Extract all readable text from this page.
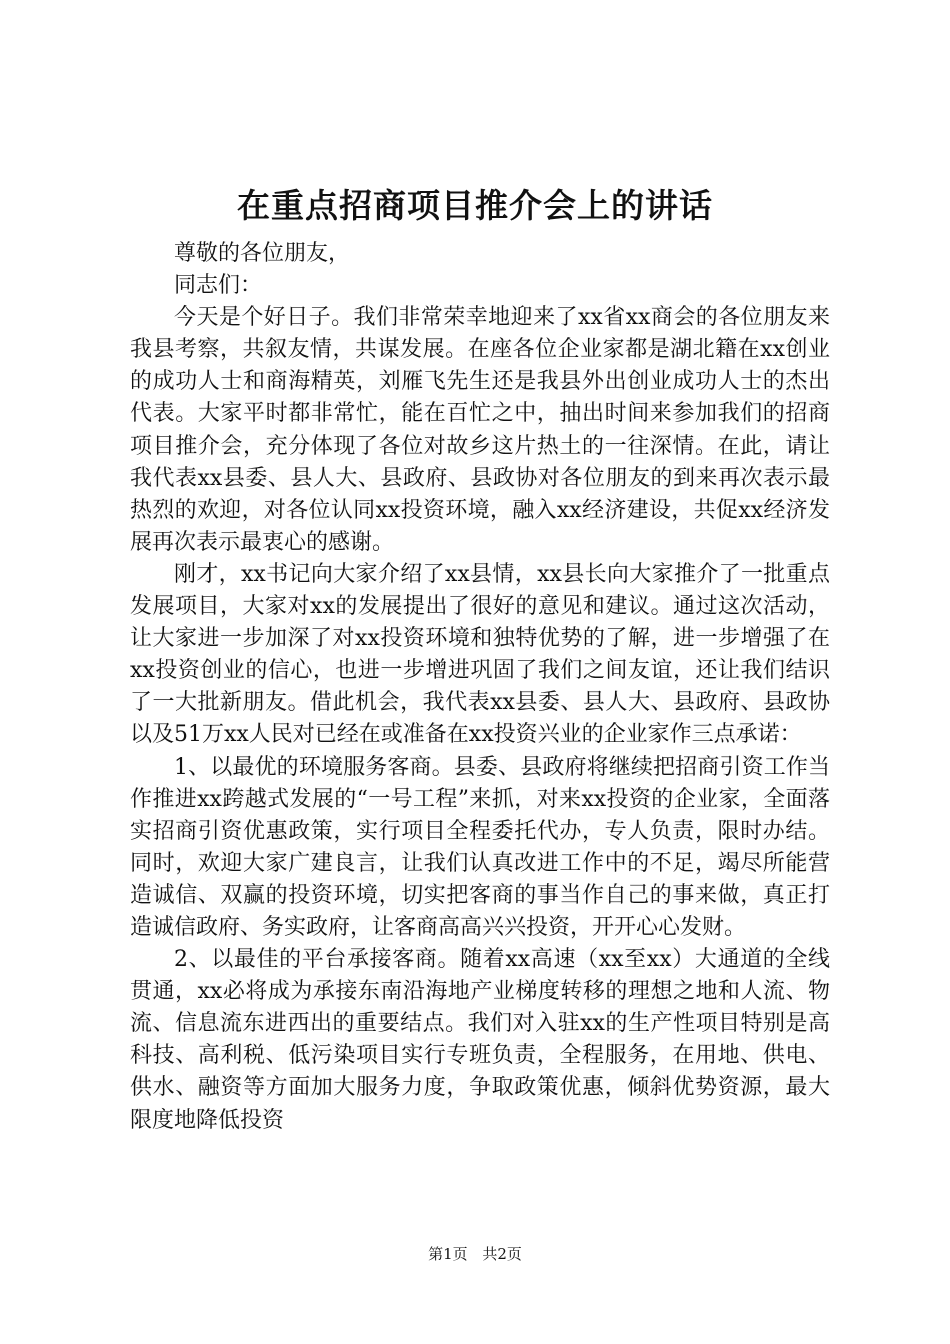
在重点招商项目推介会上的讲话
尊敬的各位朋友，
同志们：

今天是个好日子。我们非常荣幸地迎来了xx省xx商会的各位朋友来我县考察，共叙友情，共谋发展。在座各位企业家都是湖北籍在xx创业的成功人士和商海精英，刘雁飞先生还是我县外出创业成功人士的杰出代表。大家平时都非常忙，能在百忙之中，抽出时间来参加我们的招商项目推介会，充分体现了各位对故乡这片热土的一往深情。在此，请让我代表xx县委、县人大、县政府、县政协对各位朋友的到来再次表示最热烈的欢迎，对各位认同xx投资环境，融入xx经济建设，共促xx经济发展再次表示最衷心的感谢。

刚才，xx书记向大家介绍了xx县情，xx县长向大家推介了一批重点发展项目，大家对xx的发展提出了很好的意见和建议。通过这次活动，让大家进一步加深了对xx投资环境和独特优势的了解，进一步增强了在xx投资创业的信心，也进一步增进巩固了我们之间友谊，还让我们结识了一大批新朋友。借此机会，我代表xx县委、县人大、县政府、县政协以及51万xx人民对已经在或准备在xx投资兴业的企业家作三点承诺：

1、以最优的环境服务客商。县委、县政府将继续把招商引资工作当作推进xx跨越式发展的“一号工程”来抓，对来xx投资的企业家，全面落实招商引资优惠政策，实行项目全程委托代办，专人负责，限时办结。同时，欢迎大家广建良言，让我们认真改进工作中的不足，竭尽所能营造诚信、双赢的投资环境，切实把客商的事当作自己的事来做，真正打造诚信政府、务实政府，让客商高高兴兴投资，开开心心发财。

2、以最佳的平台承接客商。随着xx高速（xx至xx）大通道的全线贯通，xx必将成为承接东南沿海地产业梯度转移的理想之地和人流、物流、信息流东进西出的重要结点。我们对入驻xx的生产性项目特别是高科技、高利税、低污染项目实行专班负责，全程服务，在用地、供电、供水、融资等方面加大服务力度，争取政策优惠，倾斜优势资源，最大限度地降低投资

第1页 共2页
